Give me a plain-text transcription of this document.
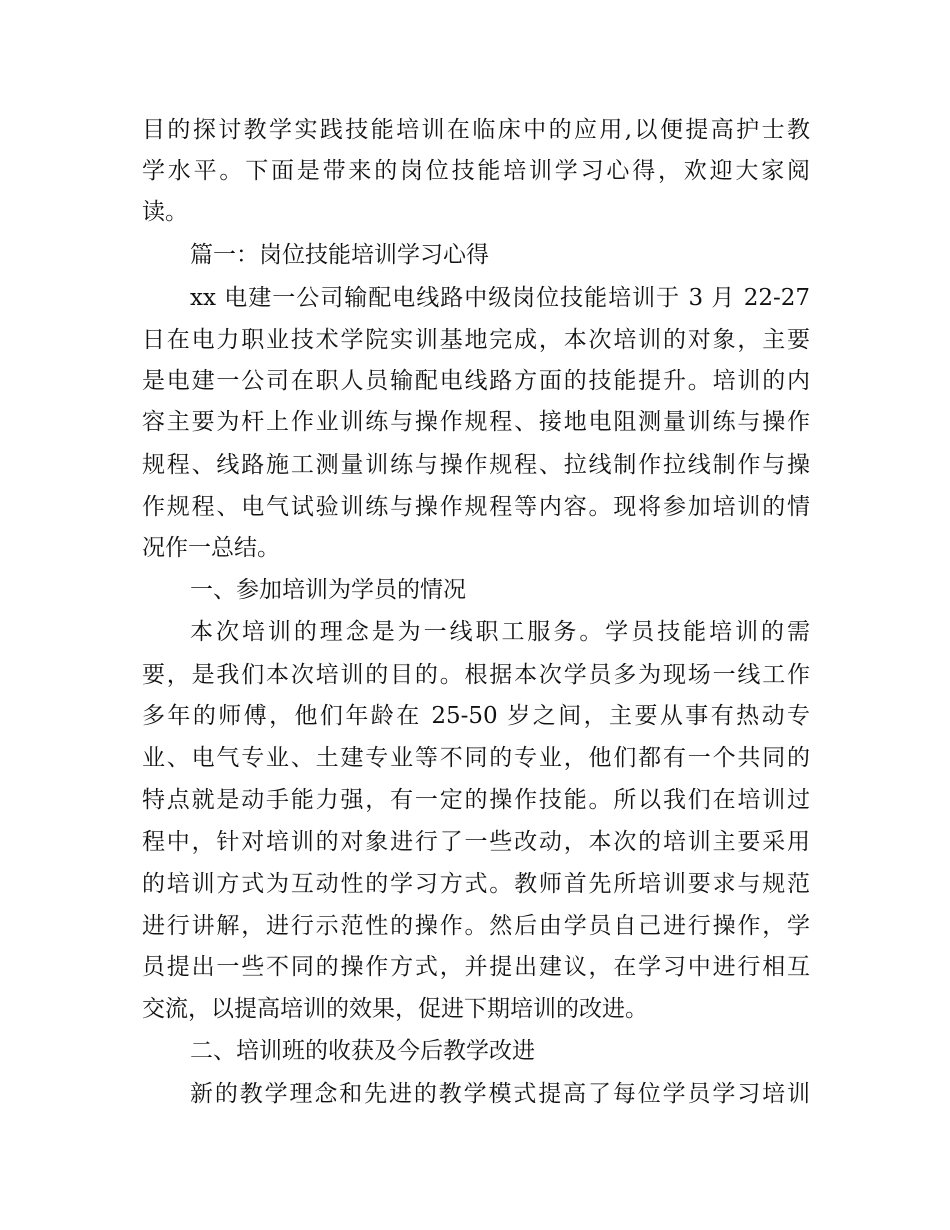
目的探讨教学实践技能培训在临床中的应用,以便提高护士教
学水平。下面是带来的岗位技能培训学习心得，欢迎大家阅
读。
篇一：岗位技能培训学习心得
xx 电建一公司输配电线路中级岗位技能培训于 3 月 22-27
日在电力职业技术学院实训基地完成，本次培训的对象，主要
是电建一公司在职人员输配电线路方面的技能提升。培训的内
容主要为杆上作业训练与操作规程、接地电阻测量训练与操作
规程、线路施工测量训练与操作规程、拉线制作拉线制作与操
作规程、电气试验训练与操作规程等内容。现将参加培训的情
况作一总结。
一、参加培训为学员的情况
本次培训的理念是为一线职工服务。学员技能培训的需
要，是我们本次培训的目的。根据本次学员多为现场一线工作
多年的师傅，他们年龄在 25-50 岁之间，主要从事有热动专
业、电气专业、土建专业等不同的专业，他们都有一个共同的
特点就是动手能力强，有一定的操作技能。所以我们在培训过
程中，针对培训的对象进行了一些改动，本次的培训主要采用
的培训方式为互动性的学习方式。教师首先所培训要求与规范
进行讲解，进行示范性的操作。然后由学员自己进行操作，学
员提出一些不同的操作方式，并提出建议，在学习中进行相互
交流，以提高培训的效果，促进下期培训的改进。
二、培训班的收获及今后教学改进
新的教学理念和先进的教学模式提高了每位学员学习培训
